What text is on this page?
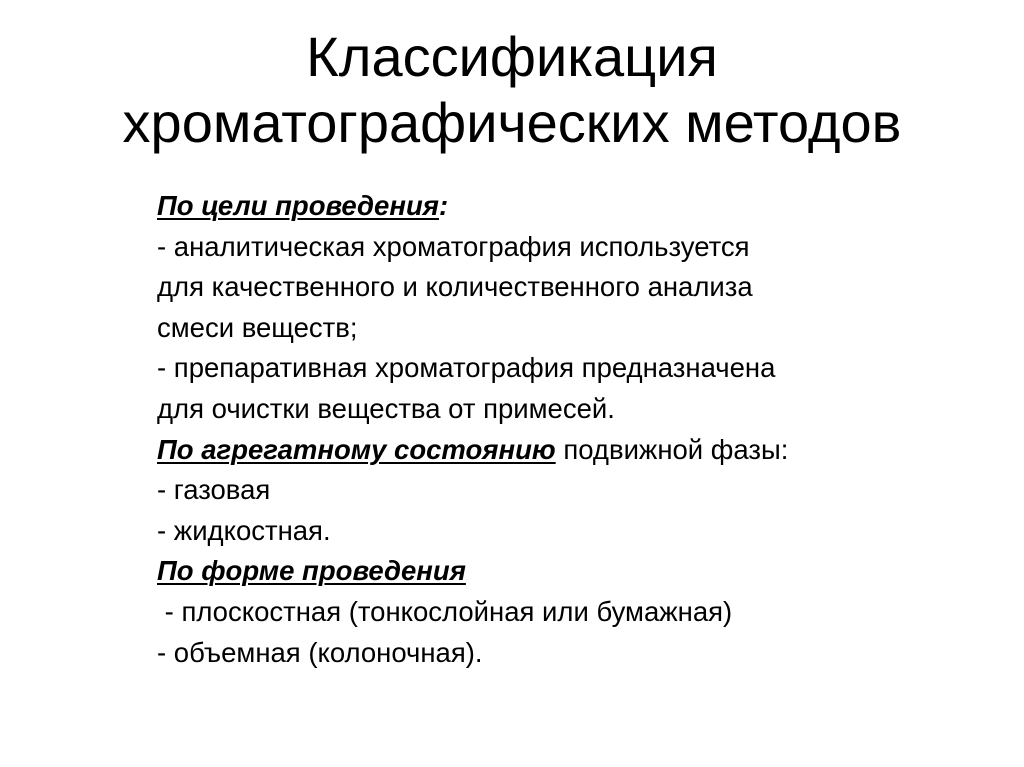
Классификация
хроматографических методов
По цели проведения:
- аналитическая хроматография используется
для качественного и количественного анализа
смеси веществ;
- препаративная хроматография предназначена
для очистки вещества от примесей.
По агрегатному состоянию подвижной фазы:
- газовая
- жидкостная.
По форме проведения
- плоскостная (тонкослойная или бумажная)
- объемная (колоночная).
